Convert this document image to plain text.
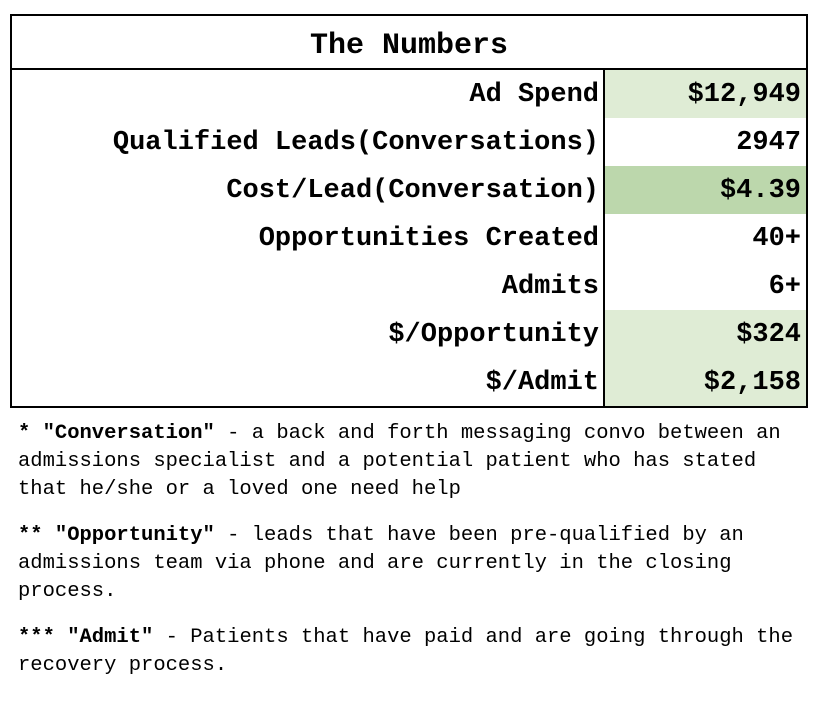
The Numbers
Ad Spend	$12,949
Qualified Leads(Conversations)	2947
Cost/Lead(Conversation)	$4.39
Opportunities Created	40+
Admits	6+
$/Opportunity	$324
$/Admit	$2,158

* "Conversation" - a back and forth messaging convo between an admissions specialist and a potential patient who has stated that he/she or a loved one need help

** "Opportunity" - leads that have been pre-qualified by an admissions team via phone and are currently in the closing process.

*** "Admit" - Patients that have paid and are going through the recovery process.
